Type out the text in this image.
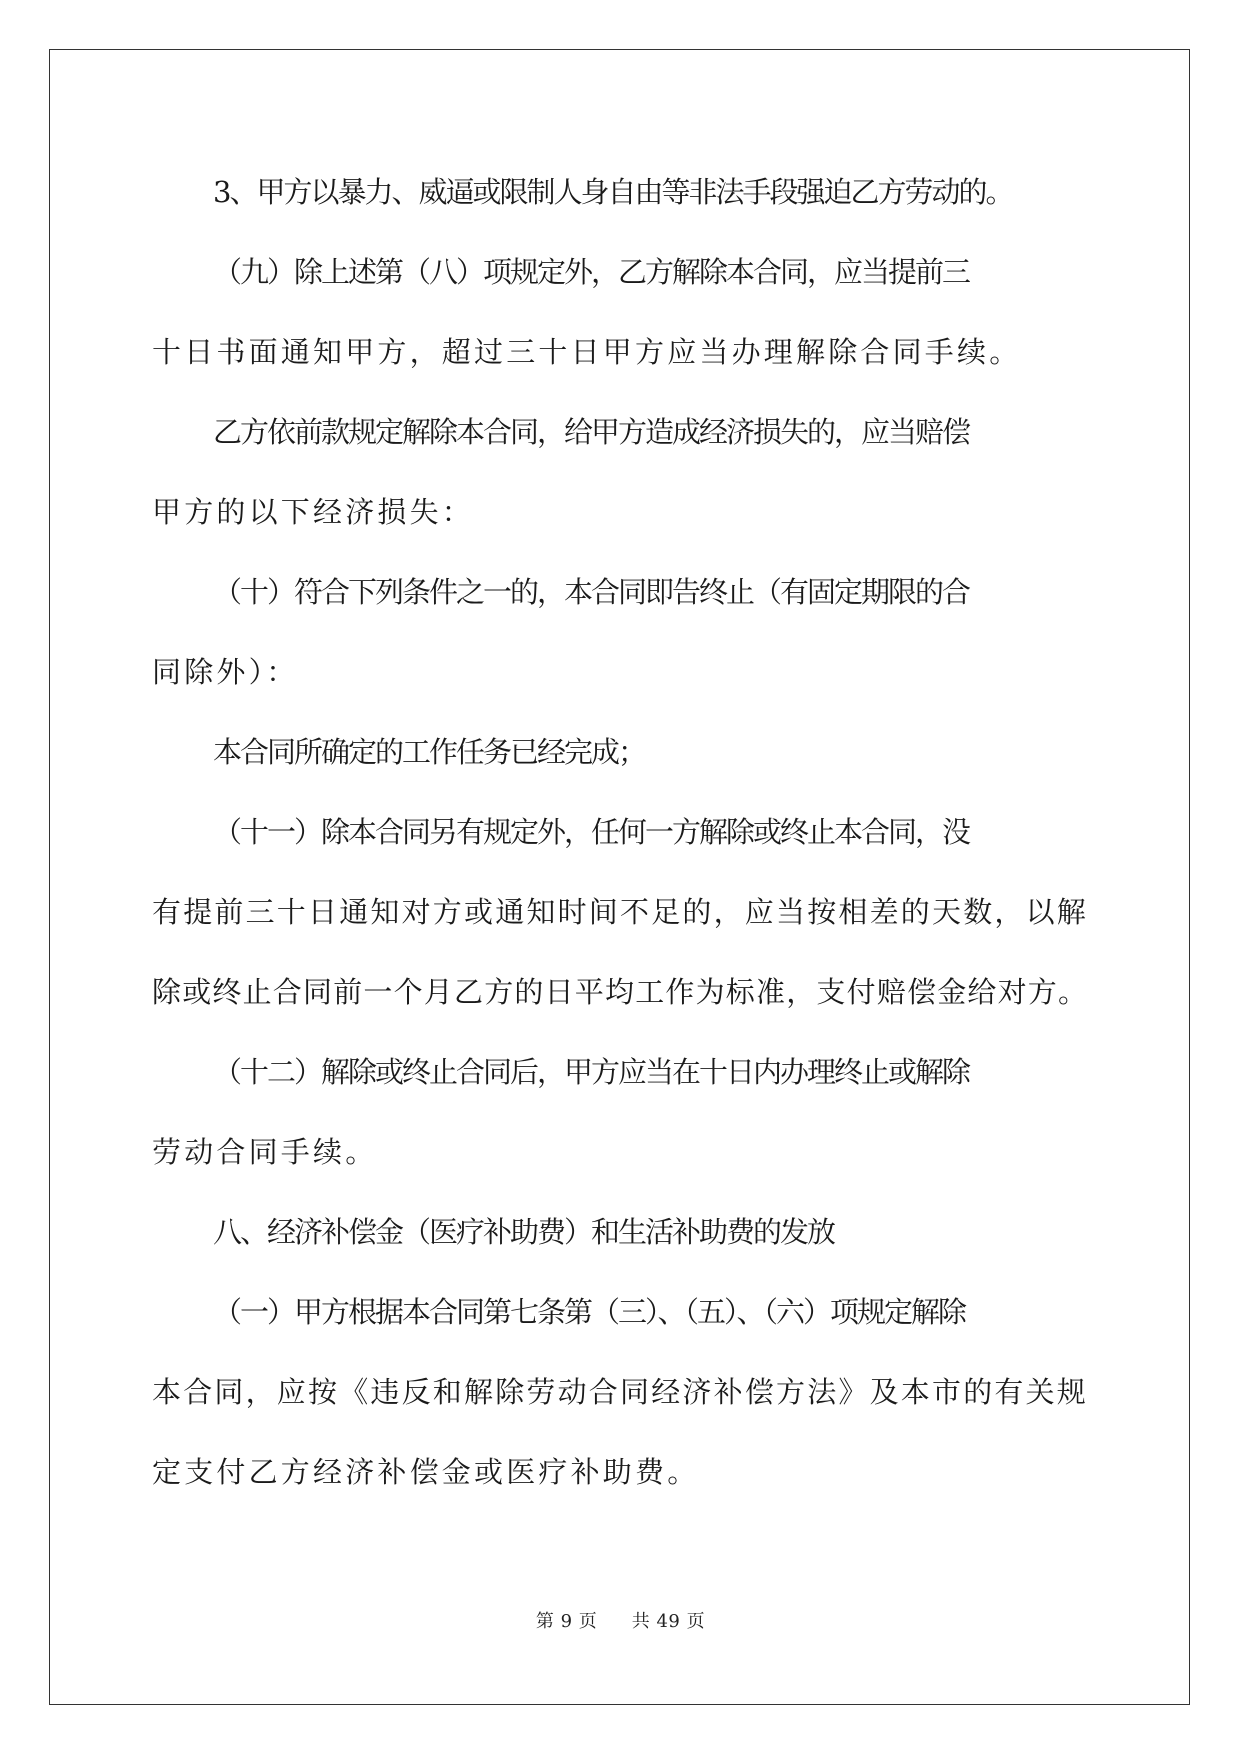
3、甲方以暴力、威逼或限制人身自由等非法手段强迫乙方劳动的。
（九）除上述第（八）项规定外，乙方解除本合同，应当提前三
十日书面通知甲方，超过三十日甲方应当办理解除合同手续。
乙方依前款规定解除本合同，给甲方造成经济损失的，应当赔偿
甲方的以下经济损失：
（十）符合下列条件之一的，本合同即告终止（有固定期限的合
同除外）：
本合同所确定的工作任务已经完成；
（十一）除本合同另有规定外，任何一方解除或终止本合同，没
有提前三十日通知对方或通知时间不足的，应当按相差的天数，以解
除或终止合同前一个月乙方的日平均工作为标准，支付赔偿金给对方。
（十二）解除或终止合同后，甲方应当在十日内办理终止或解除
劳动合同手续。
八、经济补偿金（医疗补助费）和生活补助费的发放
（一）甲方根据本合同第七条第（三）、（五）、（六）项规定解除
本合同，应按《违反和解除劳动合同经济补偿方法》及本市的有关规
定支付乙方经济补偿金或医疗补助费。
第 9 页 共 49 页
